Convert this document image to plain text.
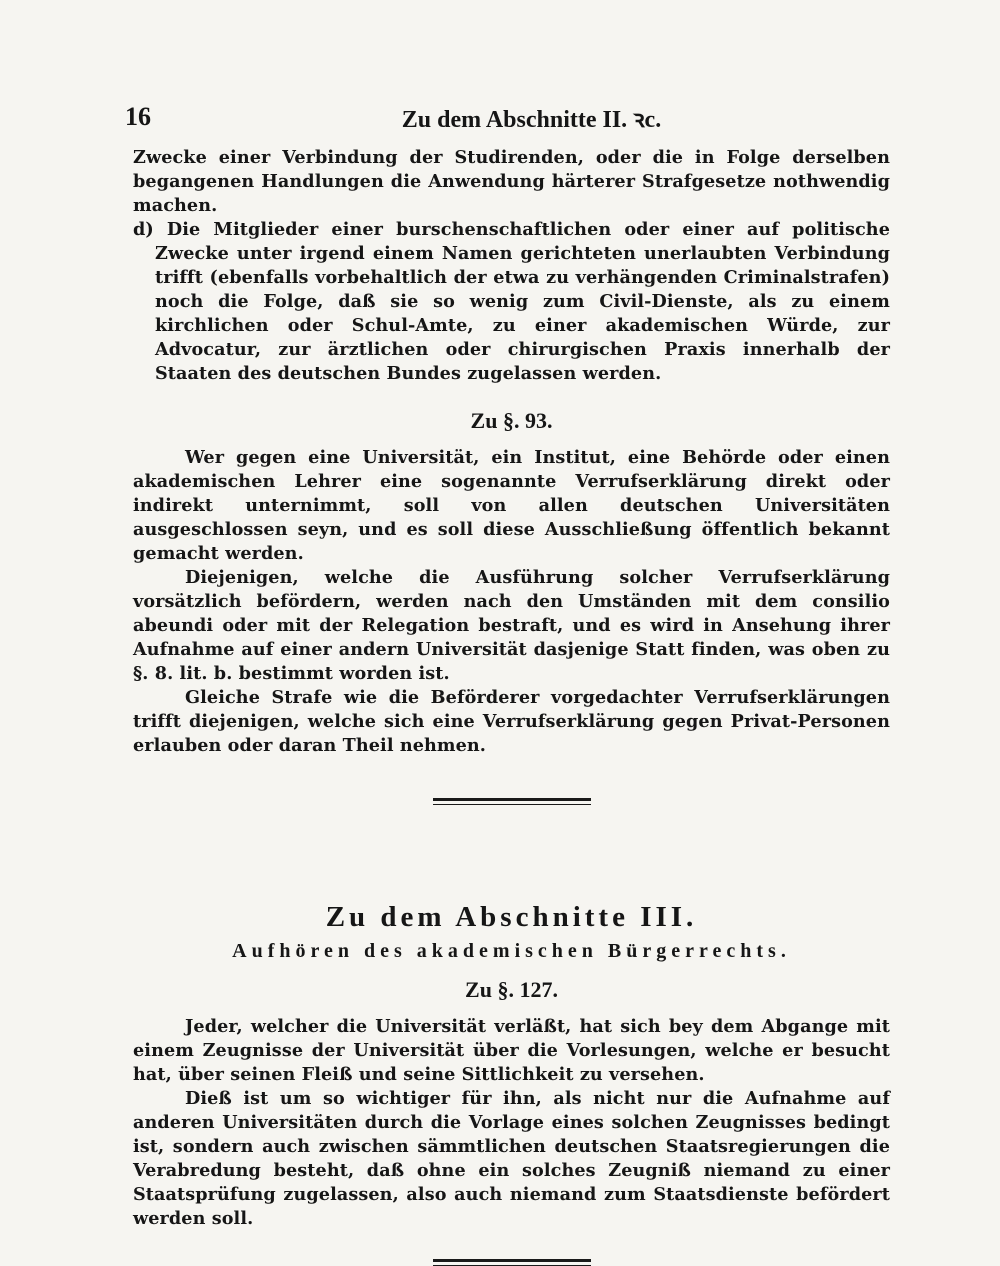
16	Zu dem Abschnitte II. ꝛc.

Zwecke einer Verbindung der Studirenden, oder die in Folge derselben begangenen Handlungen die Anwendung härterer Strafgesetze nothwendig machen.

d) Die Mitglieder einer burschenschaftlichen oder einer auf politische Zwecke unter irgend einem Namen gerichteten unerlaubten Verbindung trifft (ebenfalls vorbehaltlich der etwa zu verhängenden Criminalstrafen) noch die Folge, daß sie so wenig zum Civil-Dienste, als zu einem kirchlichen oder Schul-Amte, zu einer akademischen Würde, zur Advocatur, zur ärztlichen oder chirurgischen Praxis innerhalb der Staaten des deutschen Bundes zugelassen werden.

Zu §. 93.

Wer gegen eine Universität, ein Institut, eine Behörde oder einen akademischen Lehrer eine sogenannte Verrufserklärung direkt oder indirekt unternimmt, soll von allen deutschen Universitäten ausgeschlossen seyn, und es soll diese Ausschließung öffentlich bekannt gemacht werden.

Diejenigen, welche die Ausführung solcher Verrufserklärung vorsätzlich befördern, werden nach den Umständen mit dem consilio abeundi oder mit der Relegation bestraft, und es wird in Ansehung ihrer Aufnahme auf einer andern Universität dasjenige Statt finden, was oben zu §. 8. lit. b. bestimmt worden ist.

Gleiche Strafe wie die Beförderer vorgedachter Verrufserklärungen trifft diejenigen, welche sich eine Verrufserklärung gegen Privat-Personen erlauben oder daran Theil nehmen.

Zu dem Abschnitte III.
Aufhören des akademischen Bürgerrechts.
Zu §. 127.

Jeder, welcher die Universität verläßt, hat sich bey dem Abgange mit einem Zeugnisse der Universität über die Vorlesungen, welche er besucht hat, über seinen Fleiß und seine Sittlichkeit zu versehen.

Dieß ist um so wichtiger für ihn, als nicht nur die Aufnahme auf anderen Universitäten durch die Vorlage eines solchen Zeugnisses bedingt ist, sondern auch zwischen sämmtlichen deutschen Staatsregierungen die Verabredung besteht, daß ohne ein solches Zeugniß niemand zu einer Staatsprüfung zugelassen, also auch niemand zum Staatsdienste befördert werden soll.
